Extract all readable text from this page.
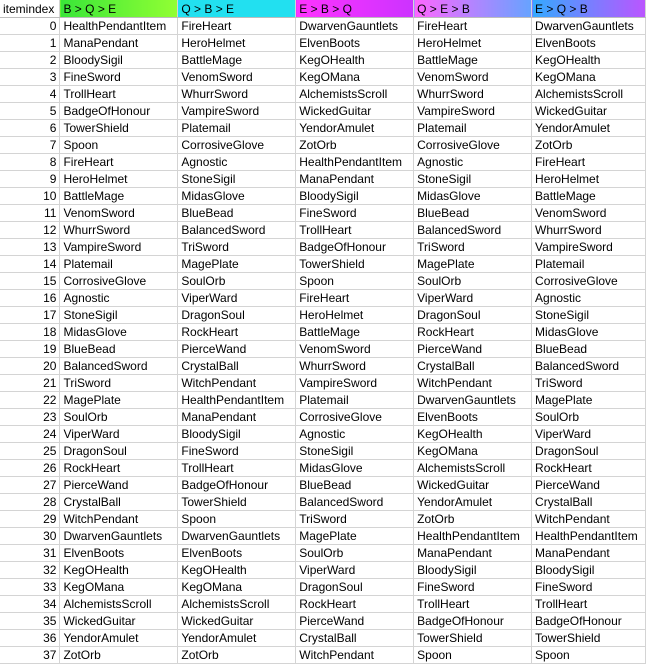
itemindex	B > Q > E	Q > B > E	E > B > Q	Q > E > B	E > Q > B
0	HealthPendantItem	FireHeart	DwarvenGauntlets	FireHeart	DwarvenGauntlets
1	ManaPendant	HeroHelmet	ElvenBoots	HeroHelmet	ElvenBoots
2	BloodySigil	BattleMage	KegOHealth	BattleMage	KegOHealth
3	FineSword	VenomSword	KegOMana	VenomSword	KegOMana
4	TrollHeart	WhurrSword	AlchemistsScroll	WhurrSword	AlchemistsScroll
5	BadgeOfHonour	VampireSword	WickedGuitar	VampireSword	WickedGuitar
6	TowerShield	Platemail	YendorAmulet	Platemail	YendorAmulet
7	Spoon	CorrosiveGlove	ZotOrb	CorrosiveGlove	ZotOrb
8	FireHeart	Agnostic	HealthPendantItem	Agnostic	FireHeart
9	HeroHelmet	StoneSigil	ManaPendant	StoneSigil	HeroHelmet
10	BattleMage	MidasGlove	BloodySigil	MidasGlove	BattleMage
11	VenomSword	BlueBead	FineSword	BlueBead	VenomSword
12	WhurrSword	BalancedSword	TrollHeart	BalancedSword	WhurrSword
13	VampireSword	TriSword	BadgeOfHonour	TriSword	VampireSword
14	Platemail	MagePlate	TowerShield	MagePlate	Platemail
15	CorrosiveGlove	SoulOrb	Spoon	SoulOrb	CorrosiveGlove
16	Agnostic	ViperWard	FireHeart	ViperWard	Agnostic
17	StoneSigil	DragonSoul	HeroHelmet	DragonSoul	StoneSigil
18	MidasGlove	RockHeart	BattleMage	RockHeart	MidasGlove
19	BlueBead	PierceWand	VenomSword	PierceWand	BlueBead
20	BalancedSword	CrystalBall	WhurrSword	CrystalBall	BalancedSword
21	TriSword	WitchPendant	VampireSword	WitchPendant	TriSword
22	MagePlate	HealthPendantItem	Platemail	DwarvenGauntlets	MagePlate
23	SoulOrb	ManaPendant	CorrosiveGlove	ElvenBoots	SoulOrb
24	ViperWard	BloodySigil	Agnostic	KegOHealth	ViperWard
25	DragonSoul	FineSword	StoneSigil	KegOMana	DragonSoul
26	RockHeart	TrollHeart	MidasGlove	AlchemistsScroll	RockHeart
27	PierceWand	BadgeOfHonour	BlueBead	WickedGuitar	PierceWand
28	CrystalBall	TowerShield	BalancedSword	YendorAmulet	CrystalBall
29	WitchPendant	Spoon	TriSword	ZotOrb	WitchPendant
30	DwarvenGauntlets	DwarvenGauntlets	MagePlate	HealthPendantItem	HealthPendantItem
31	ElvenBoots	ElvenBoots	SoulOrb	ManaPendant	ManaPendant
32	KegOHealth	KegOHealth	ViperWard	BloodySigil	BloodySigil
33	KegOMana	KegOMana	DragonSoul	FineSword	FineSword
34	AlchemistsScroll	AlchemistsScroll	RockHeart	TrollHeart	TrollHeart
35	WickedGuitar	WickedGuitar	PierceWand	BadgeOfHonour	BadgeOfHonour
36	YendorAmulet	YendorAmulet	CrystalBall	TowerShield	TowerShield
37	ZotOrb	ZotOrb	WitchPendant	Spoon	Spoon
